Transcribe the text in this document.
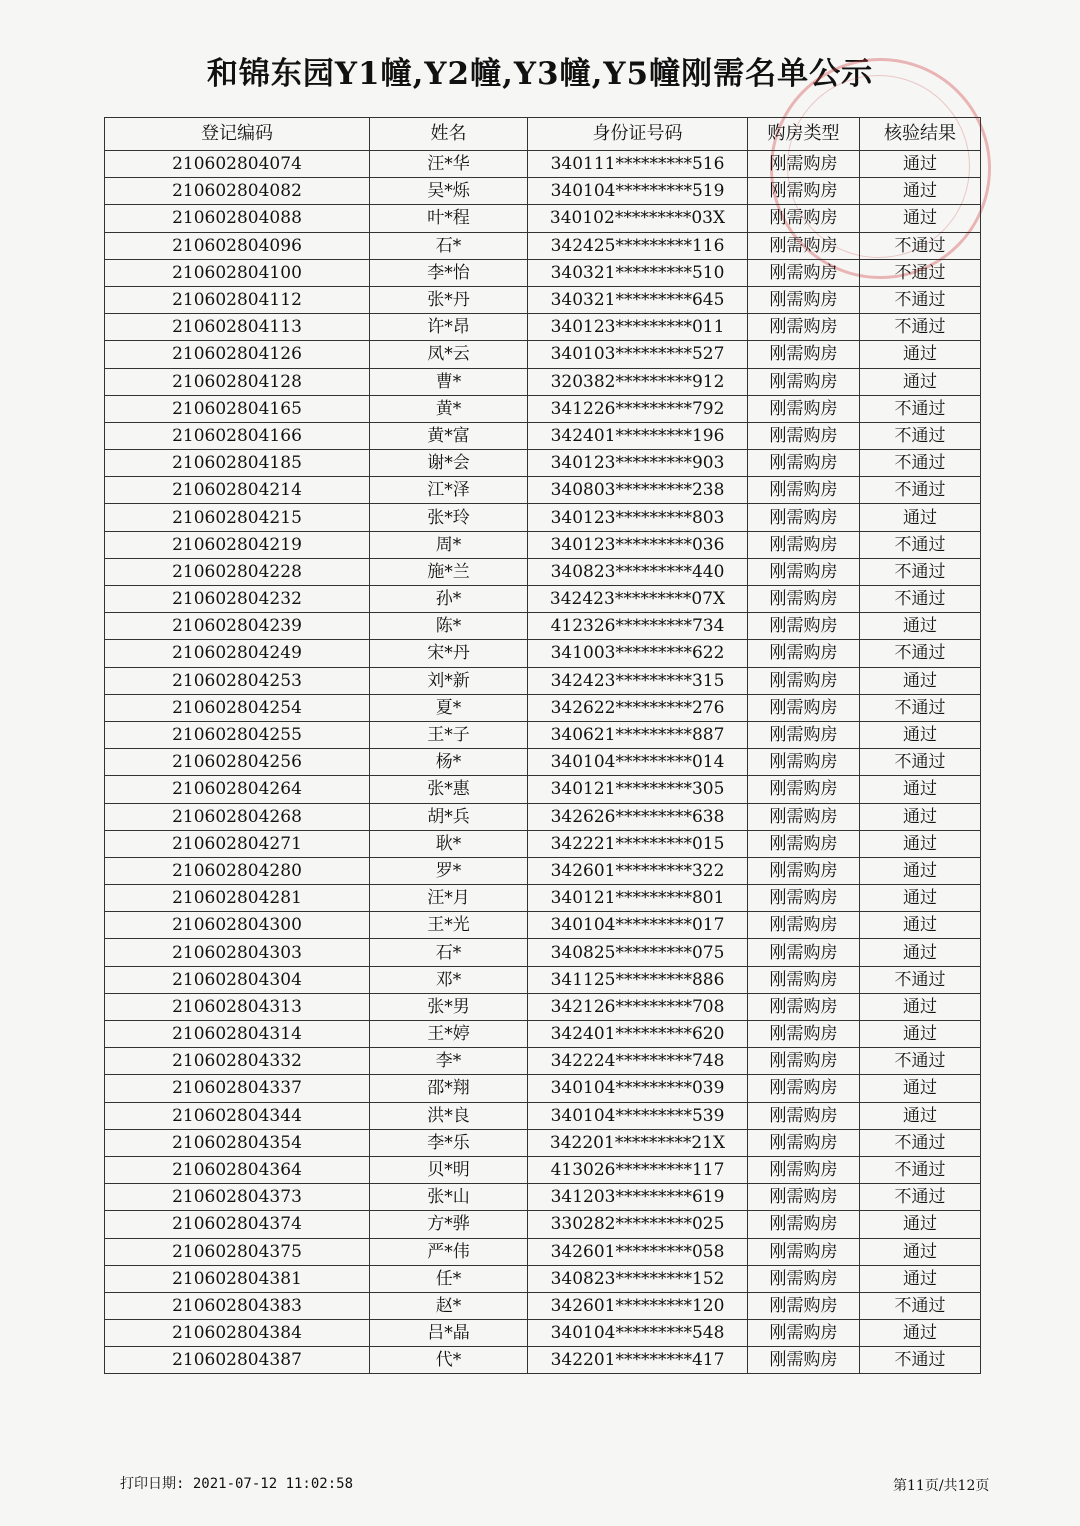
和锦东园Y1幢,Y2幢,Y3幢,Y5幢刚需名单公示
登记编码	姓名	身份证号码	购房类型	核验结果
210602804074	汪*华	340111*********516	刚需购房	通过
210602804082	吴*烁	340104*********519	刚需购房	通过
210602804088	叶*程	340102*********03X	刚需购房	通过
210602804096	石*	342425*********116	刚需购房	不通过
210602804100	李*怡	340321*********510	刚需购房	不通过
210602804112	张*丹	340321*********645	刚需购房	不通过
210602804113	许*昂	340123*********011	刚需购房	不通过
210602804126	凤*云	340103*********527	刚需购房	通过
210602804128	曹*	320382*********912	刚需购房	通过
210602804165	黄*	341226*********792	刚需购房	不通过
210602804166	黄*富	342401*********196	刚需购房	不通过
210602804185	谢*会	340123*********903	刚需购房	不通过
210602804214	江*泽	340803*********238	刚需购房	不通过
210602804215	张*玲	340123*********803	刚需购房	通过
210602804219	周*	340123*********036	刚需购房	不通过
210602804228	施*兰	340823*********440	刚需购房	不通过
210602804232	孙*	342423*********07X	刚需购房	不通过
210602804239	陈*	412326*********734	刚需购房	通过
210602804249	宋*丹	341003*********622	刚需购房	不通过
210602804253	刘*新	342423*********315	刚需购房	通过
210602804254	夏*	342622*********276	刚需购房	不通过
210602804255	王*子	340621*********887	刚需购房	通过
210602804256	杨*	340104*********014	刚需购房	不通过
210602804264	张*惠	340121*********305	刚需购房	通过
210602804268	胡*兵	342626*********638	刚需购房	通过
210602804271	耿*	342221*********015	刚需购房	通过
210602804280	罗*	342601*********322	刚需购房	通过
210602804281	汪*月	340121*********801	刚需购房	通过
210602804300	王*光	340104*********017	刚需购房	通过
210602804303	石*	340825*********075	刚需购房	通过
210602804304	邓*	341125*********886	刚需购房	不通过
210602804313	张*男	342126*********708	刚需购房	通过
210602804314	王*婷	342401*********620	刚需购房	通过
210602804332	李*	342224*********748	刚需购房	不通过
210602804337	邵*翔	340104*********039	刚需购房	通过
210602804344	洪*良	340104*********539	刚需购房	通过
210602804354	李*乐	342201*********21X	刚需购房	不通过
210602804364	贝*明	413026*********117	刚需购房	不通过
210602804373	张*山	341203*********619	刚需购房	不通过
210602804374	方*骅	330282*********025	刚需购房	通过
210602804375	严*伟	342601*********058	刚需购房	通过
210602804381	任*	340823*********152	刚需购房	通过
210602804383	赵*	342601*********120	刚需购房	不通过
210602804384	吕*晶	340104*********548	刚需购房	通过
210602804387	代*	342201*********417	刚需购房	不通过
打印日期: 2021-07-12 11:02:58	第11页/共12页
